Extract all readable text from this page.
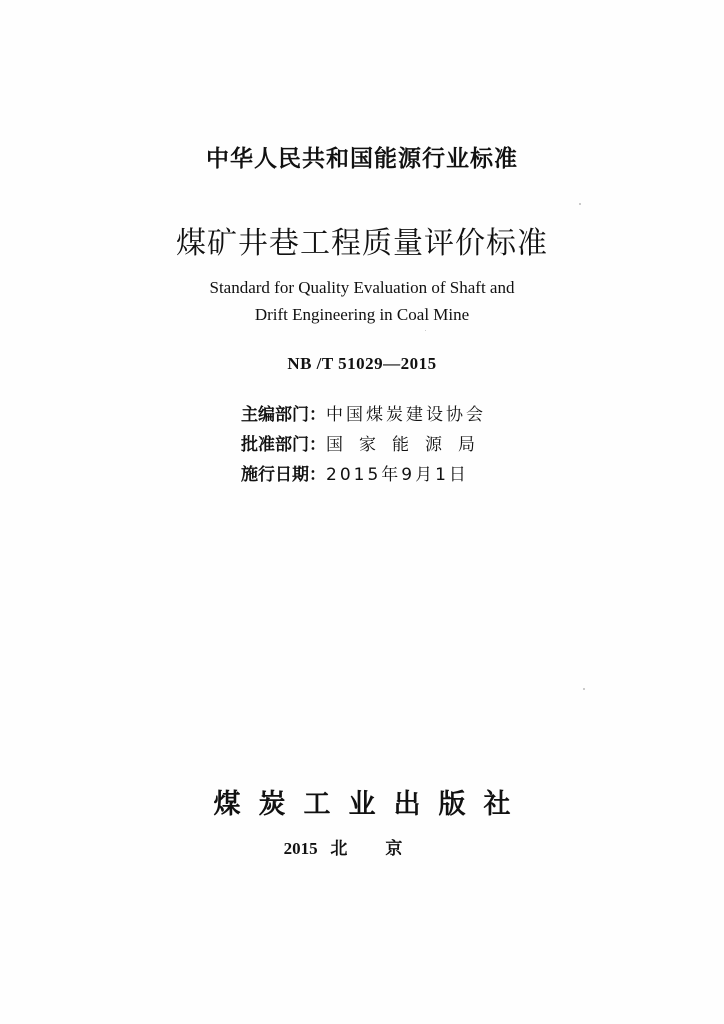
中华人民共和国能源行业标准
煤矿井巷工程质量评价标准
Standard for Quality Evaluation of Shaft and
Drift Engineering in Coal Mine
NB /T 51029—2015
主编部门：中国煤炭建设协会
批准部门：国家能源局
施行日期：2015年9月1日
煤炭工业出版社
2015 北京
